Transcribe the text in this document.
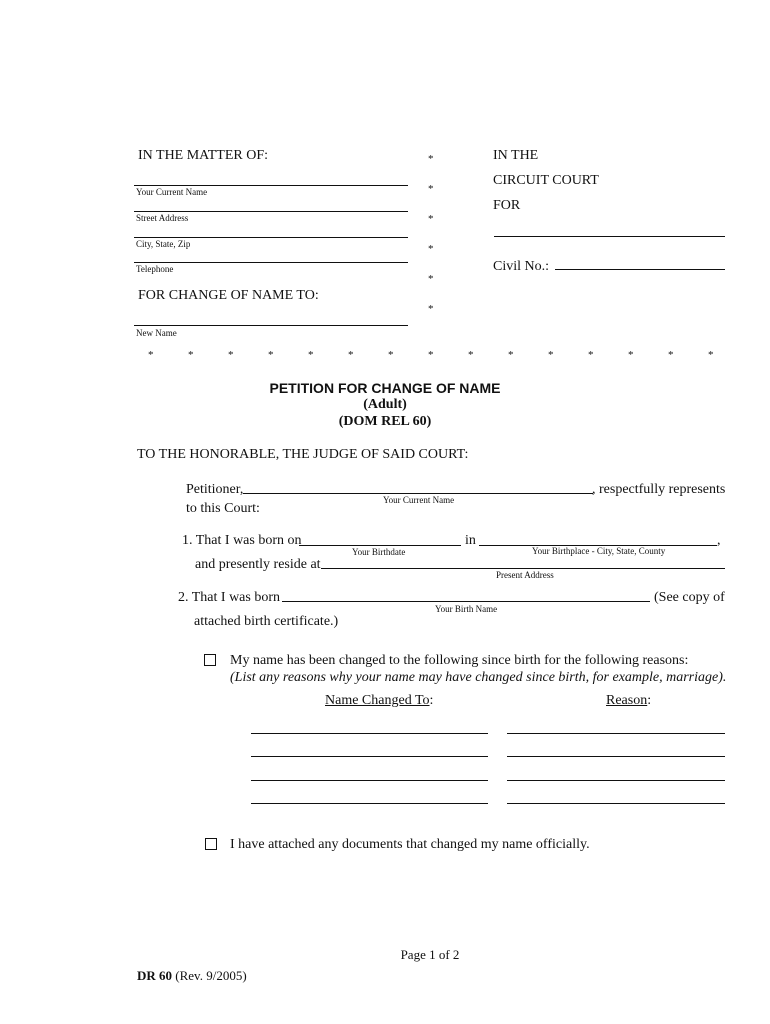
IN THE MATTER OF:
Your Current Name
Street Address
City, State, Zip
Telephone
FOR CHANGE OF NAME TO:
New Name
*
*
*
*
*
*
IN THE
CIRCUIT COURT
FOR
Civil No.:
*	*	*	*	*	*	*	*	*	*	*	*	*	*	*
PETITION FOR CHANGE OF NAME
(Adult)
(DOM REL 60)
TO THE HONORABLE, THE JUDGE OF SAID COURT:
Petitioner,	, respectfully represents
Your Current Name
to this Court:
1. That I was born on
Your Birthdate
in	,
Your Birthplace - City, State, County
and presently reside at
Present Address
2. That I was born	(See copy of
Your Birth Name
attached birth certificate.)
My name has been changed to the following since birth for the following reasons:
(List any reasons why your name may have changed since birth, for example, marriage).
Name Changed To:	Reason:
I have attached any documents that changed my name officially.
Page 1 of 2
DR 60 (Rev. 9/2005)
